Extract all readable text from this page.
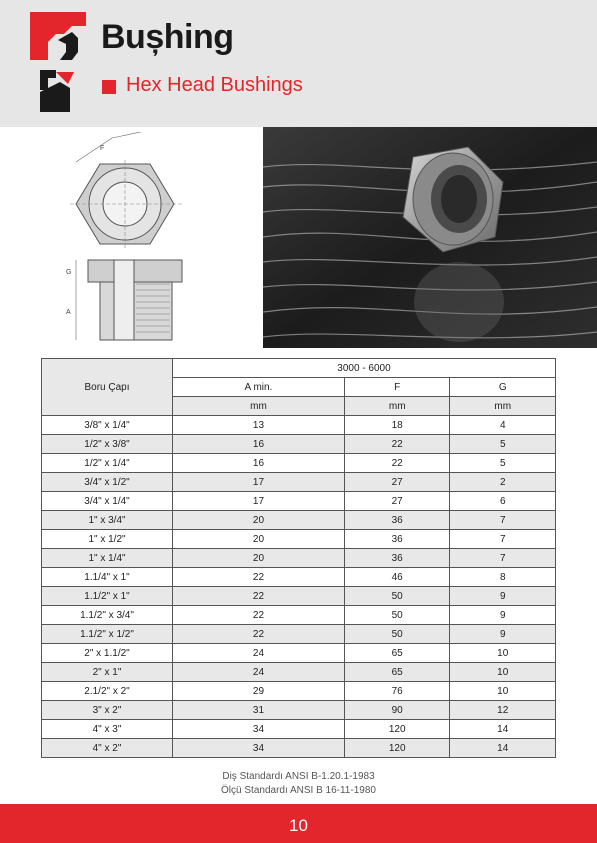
Bușhing
Hex Head Bushings
F
G
A
Boru Çapı	3000 - 6000		
	A min.	F	G
	mm	mm	mm
3/8" x 1/4"	13	18	4
1/2" x 3/8"	16	22	5
1/2" x 1/4"	16	22	5
3/4" x 1/2"	17	27	2
3/4" x 1/4"	17	27	6
1" x 3/4"	20	36	7
1" x 1/2"	20	36	7
1" x 1/4"	20	36	7
1.1/4" x 1"	22	46	8
1.1/2" x 1"	22	50	9
1.1/2" x 3/4"	22	50	9
1.1/2" x 1/2"	22	50	9
2" x 1.1/2"	24	65	10
2" x 1"	24	65	10
2.1/2" x 2"	29	76	10
3" x 2"	31	90	12
4" x 3"	34	120	14
4" x 2"	34	120	14
Diş Standardı ANSI B-1.20.1-1983
Ölçü Standardı ANSI B 16-11-1980
10
